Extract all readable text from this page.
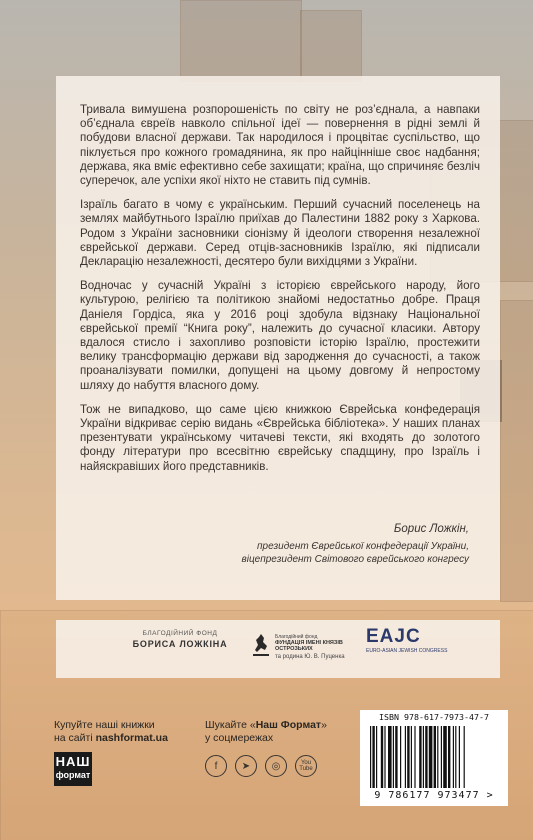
Тривала вимушена розпорошеність по світу не роз’єднала, а навпаки об’єднала євреїв навколо спільної ідеї — повернення в рідні землі й побудови власної держави. Так народилося і процвітає суспільство, що піклується про кожного громадянина, як про найцінніше своє надбання; держава, яка вміє ефективно себе захищати; країна, що спричиняє безліч суперечок, але успіхи якої ніхто не ставить під сумнів.

Ізраїль багато в чому є українським. Перший сучасний поселенець на землях майбутнього Ізраїлю приїхав до Палестини 1882 року з Харкова. Родом з України засновники сіонізму й ідеологи створення незалежної єврейської держави. Серед отців-засновників Ізраїлю, які підписали Декларацію незалежності, десятеро були вихідцями з України.

Водночас у сучасній Україні з історією єврейського народу, його культурою, релігією та політикою знайомі недостатньо добре. Праця Даніеля Гордіса, яка у 2016 році здобула відзнаку Національної єврейської премії “Книга року”, належить до сучасної класики. Автору вдалося стисло і захопливо розповісти історію Ізраїлю, простежити велику трансформацію держави від зародження до сучасності, а також проаналізувати помилки, допущені на цьому довгому й непростому шляху до набуття власного дому.

Тож не випадково, що саме цією книжкою Єврейська конфедерація України відкриває серію видань «Єврейська бібліотека». У наших планах презентувати українському читачеві тексти, які входять до золотого фонду літератури про всесвітню єврейську спадщину, про Ізраїль і найяскравіших його представників.

Борис Ложкін,
президент Єврейської конфедерації України,
віцепрезидент Світового єврейського конгресу
БЛАГОДІЙНИЙ ФОНД
БОРИСА ЛОЖКІНА
Благодійний фонд
ФУНДАЦІЯ ІМЕНІ КНЯЗІВ ОСТРОЗЬКИХ
та родина Ю. В. Пуценка
EAJC
EURO-ASIAN JEWISH CONGRESS
Купуйте наші книжки
на сайті nashformat.ua
НАШ
формат
Шукайте «Наш Формат»
у соцмережах
f	➤	◎	You Tube
ISBN 978-617-7973-47-7
9 786177 973477 >
